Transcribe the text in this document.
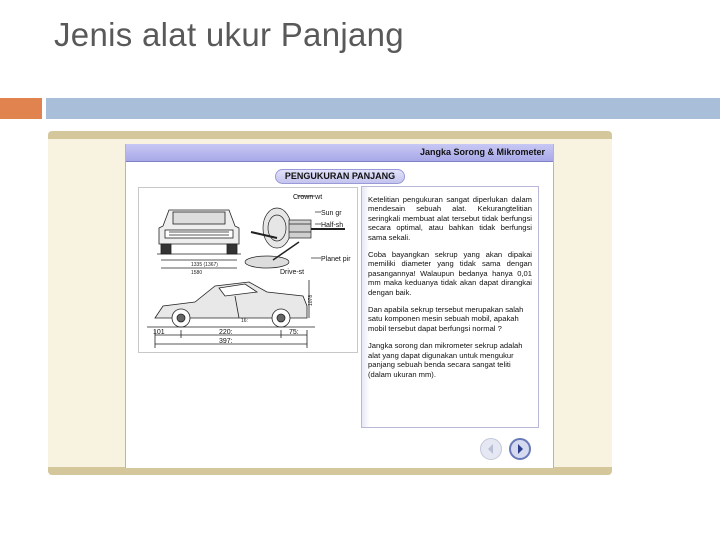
Jenis alat ukur Panjang
Jangka Sorong & Mikrometer
PENGUKURAN PANJANG
1335 (1367)
1580
Crown wt
Sun gr
Half-sh
Planet pir
Drive-st
1078
16:
101	220:	75:
397:

Ketelitian pengukuran sangat diperlukan dalam mendesain sebuah alat. Kekurangtelitian seringkali membuat alat tersebut tidak berfungsi secara optimal, atau bahkan tidak berfungsi sama sekali.

Coba bayangkan sekrup yang akan dipakai memiliki diameter yang tidak sama dengan pasangannya! Walaupun bedanya hanya 0,01 mm maka keduanya tidak akan dapat dirangkai dengan baik.

Dan apabila sekrup tersebut merupakan salah satu komponen mesin sebuah mobil, apakah mobil tersebut dapat berfungsi normal ?

Jangka sorong dan mikrometer sekrup adalah alat yang dapat digunakan untuk mengukur panjang sebuah benda secara sangat teliti (dalam ukuran mm).
